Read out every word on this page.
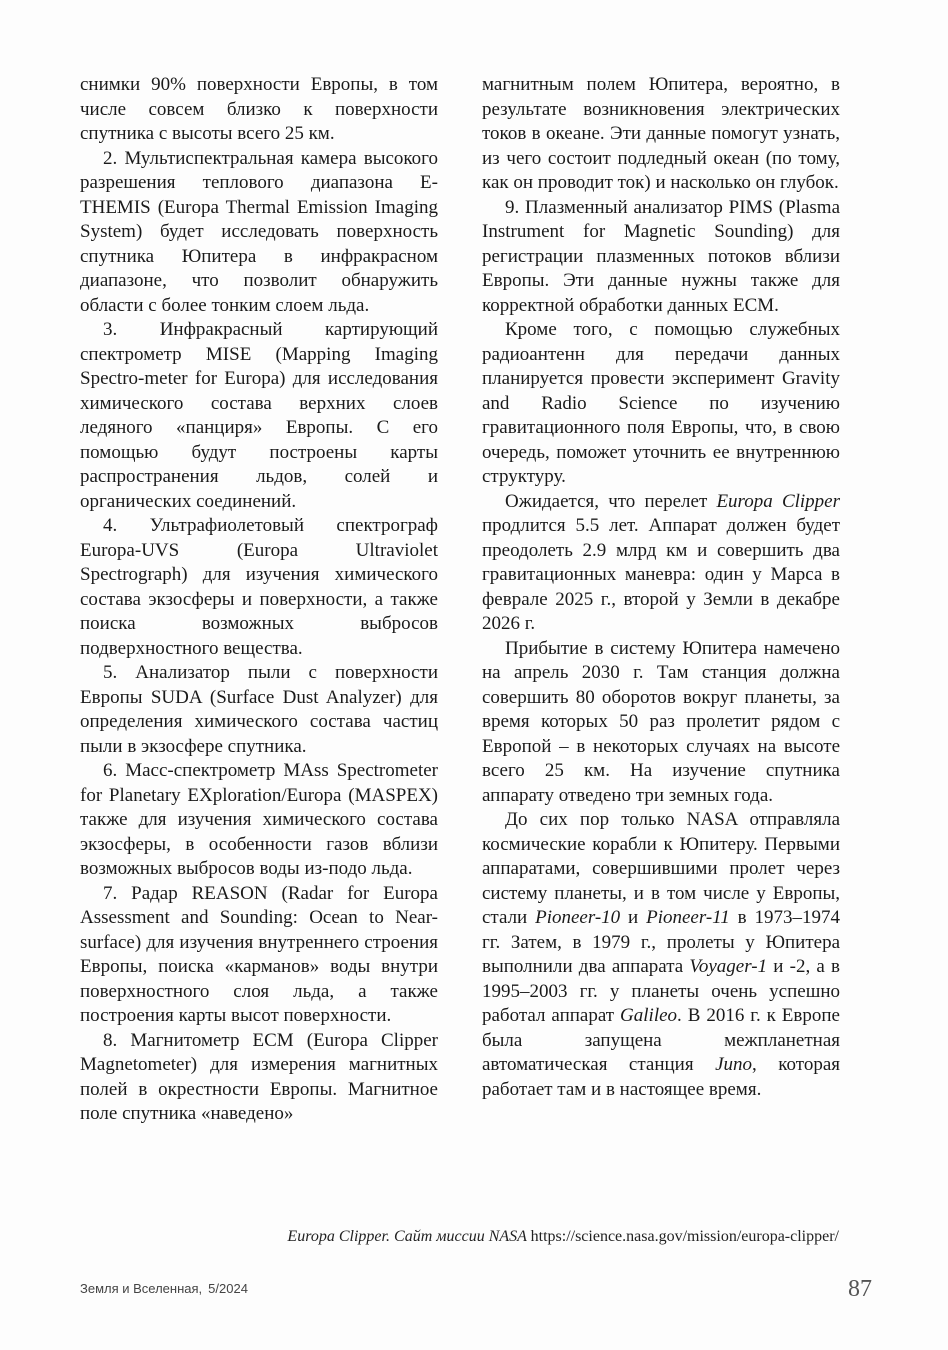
снимки 90% поверхности Европы, в том числе совсем близко к поверхности спутника с высоты всего 25 км.

2. Мультиспектральная камера высокого разрешения теплового диапазона E-THEMIS (Europa Thermal Emission Imaging System) будет исследовать поверхность спутника Юпитера в инфракрасном диапазоне, что позволит обнаружить области с более тонким слоем льда.

3. Инфракрасный картирующий спектрометр MISE (Mapping Imaging Spectro-meter for Europa) для исследования химического состава верхних слоев ледяного «панциря» Европы. С его помощью будут построены карты распространения льдов, солей и органических соединений.

4. Ультрафиолетовый спектрограф Europa-UVS (Europa Ultraviolet Spectrograph) для изучения химического состава экзосферы и поверхности, а также поиска возможных выбросов подверхностного вещества.

5. Анализатор пыли с поверхности Европы SUDA (Surface Dust Analyzer) для определения химического состава частиц пыли в экзосфере спутника.

6. Масс-спектрометр MAss Spectrometer for Planetary EXploration/Europa (MASPEX) также для изучения химического состава экзосферы, в особенности газов вблизи возможных выбросов воды из-подо льда.

7. Радар REASON (Radar for Europa Assessment and Sounding: Ocean to Near-surface) для изучения внутреннего строения Европы, поиска «карманов» воды внутри поверхностного слоя льда, а также построения карты высот поверхности.

8. Магнитометр ECM (Europa Clipper Magnetometer) для измерения магнитных полей в окрестности Европы. Магнитное поле спутника «наведено»

магнитным полем Юпитера, вероятно, в результате возникновения электрических токов в океане. Эти данные помогут узнать, из чего состоит подледный океан (по тому, как он проводит ток) и насколько он глубок.

9. Плазменный анализатор PIMS (Plasma Instrument for Magnetic Sounding) для регистрации плазменных потоков вблизи Европы. Эти данные нужны также для корректной обработки данных ECM.

Кроме того, с помощью служебных радиоантенн для передачи данных планируется провести эксперимент Gravity and Radio Science по изучению гравитационного поля Европы, что, в свою очередь, поможет уточнить ее внутреннюю структуру.

Ожидается, что перелет Europa Clipper продлится 5.5 лет. Аппарат должен будет преодолеть 2.9 млрд км и совершить два гравитационных маневра: один у Марса в феврале 2025 г., второй у Земли в декабре 2026 г.

Прибытие в систему Юпитера намечено на апрель 2030 г. Там станция должна совершить 80 оборотов вокруг планеты, за время которых 50 раз пролетит рядом с Европой – в некоторых случаях на высоте всего 25 км. На изучение спутника аппарату отведено три земных года.

До сих пор только NASA отправляла космические корабли к Юпитеру. Первыми аппаратами, совершившими пролет через систему планеты, и в том числе у Европы, стали Pioneer-10 и Pioneer-11 в 1973–1974 гг. Затем, в 1979 г., пролеты у Юпитера выполнили два аппарата Voyager-1 и -2, а в 1995–2003 гг. у планеты очень успешно работал аппарат Galileo. В 2016 г. к Европе была запущена межпланетная автоматическая станция Juno, которая работает там и в настоящее время.

Europa Clipper. Сайт миссии NASA https://science.nasa.gov/mission/europa-clipper/
Земля и Вселенная, 5/2024	87
